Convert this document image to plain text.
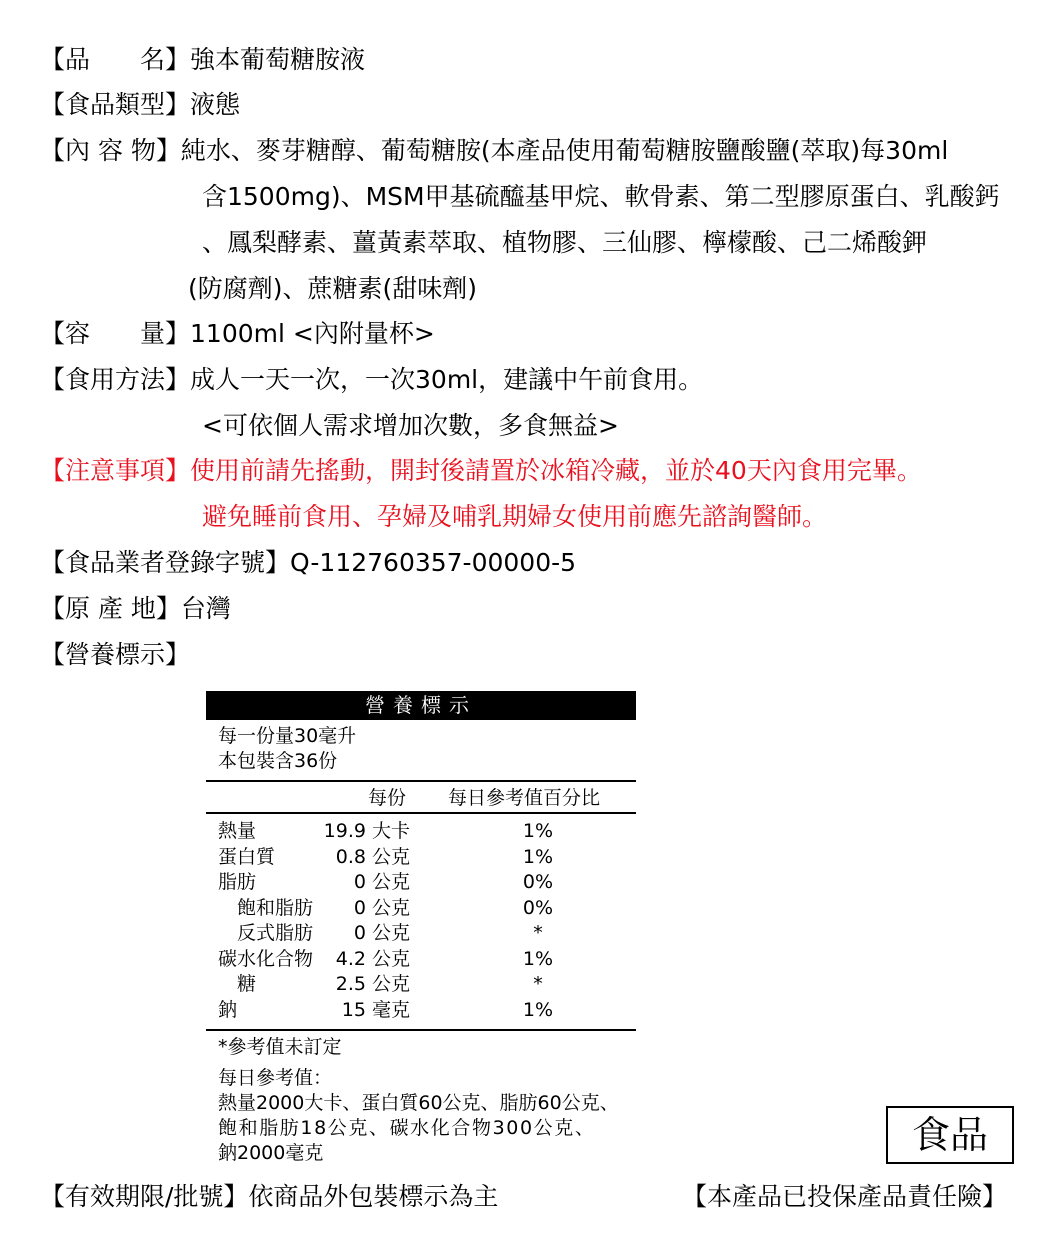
【品　　名】強本葡萄糖胺液
【食品類型】液態
【內 容 物】純水、麥芽糖醇、葡萄糖胺(本產品使用葡萄糖胺鹽酸鹽(萃取)每30ml
含1500mg)、MSM甲基硫醯基甲烷、軟骨素、第二型膠原蛋白、乳酸鈣
、鳳梨酵素、薑黃素萃取、植物膠、三仙膠、檸檬酸、己二烯酸鉀
(防腐劑)、蔗糖素(甜味劑)
【容　　量】1100ml <內附量杯>
【食用方法】成人一天一次，一次30ml，建議中午前食用。
<可依個人需求增加次數，多食無益>
【注意事項】使用前請先搖動，開封後請置於冰箱冷藏，並於40天內食用完畢。
避免睡前食用、孕婦及哺乳期婦女使用前應先諮詢醫師。
【食品業者登錄字號】Q-112760357-00000-5
【原 產 地】台灣
【營養標示】
營養標示
每一份量30毫升
本包裝含36份
每份 每日參考值百分比
熱量	19.9 大卡	1%
蛋白質	0.8 公克	1%
脂肪	0 公克	0%
　飽和脂肪 0 公克	0%
　反式脂肪 0 公克	*
碳水化合物 4.2 公克	1%
　糖	2.5 公克	*
鈉	15 毫克	1%
*參考值未訂定
每日參考值：
熱量2000大卡、蛋白質60公克、脂肪60公克、
飽和脂肪18公克、碳水化合物300公克、
鈉2000毫克	食品
【有效期限/批號】依商品外包裝標示為主	【本產品已投保產品責任險】
